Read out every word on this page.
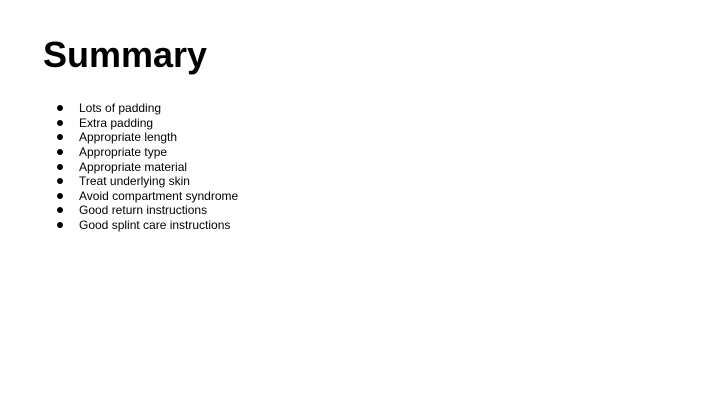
Summary
Lots of padding
Extra padding
Appropriate length
Appropriate type
Appropriate material
Treat underlying skin
Avoid compartment syndrome
Good return instructions
Good splint care instructions
